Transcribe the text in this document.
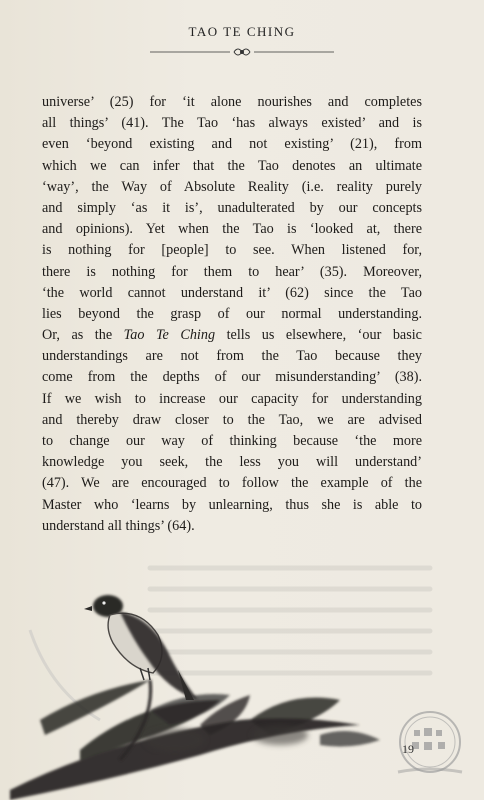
TAO TE CHING
universe’ (25) for ‘it alone nourishes and completes
all things’ (41). The Tao ‘has always existed’ and is
even ‘beyond existing and not existing’ (21), from
which we can infer that the Tao denotes an ultimate
‘way’, the Way of Absolute Reality (i.e. reality purely
and simply ‘as it is’, unadulterated by our concepts
and opinions). Yet when the Tao is ‘looked at, there
is nothing for [people] to see. When listened for,
there is nothing for them to hear’ (35). Moreover,
‘the world cannot understand it’ (62) since the Tao
lies beyond the grasp of our normal understanding.
Or, as the Tao Te Ching tells us elsewhere, ‘our basic
understandings are not from the Tao because they
come from the depths of our misunderstanding’ (38).
If we wish to increase our capacity for understanding
and thereby draw closer to the Tao, we are advised
to change our way of thinking because ‘the more
knowledge you seek, the less you will understand’
(47). We are encouraged to follow the example of the
Master who ‘learns by unlearning, thus she is able to
understand all things’ (64).
19
